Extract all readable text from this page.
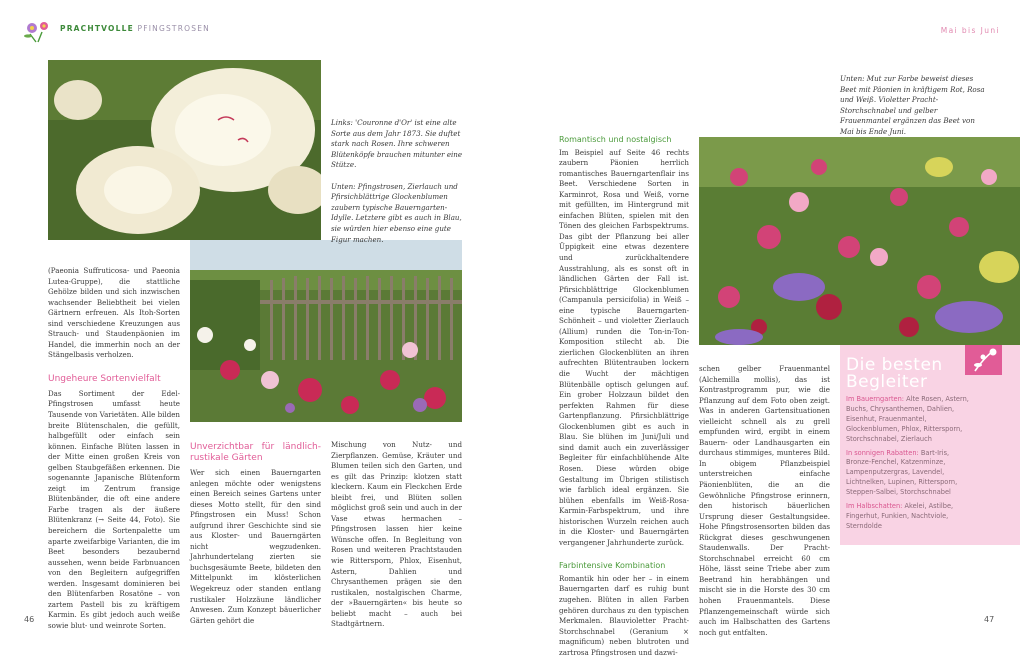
PRACHTVOLLE PFINGSTROSEN	Mai bis Juni

Links: 'Couronne d'Or' ist eine alte Sorte aus dem Jahr 1873. Sie duftet stark nach Rosen. Ihre schweren Blütenköpfe brauchen mitunter eine Stütze.

Unten: Pfingstrosen, Zierlauch und Pfirsichblättrige Glockenblumen zaubern typische Bauerngarten-Idylle. Letztere gibt es auch in Blau, sie würden hier ebenso eine gute Figur machen.

Unten: Mut zur Farbe beweist dieses Beet mit Päonien in kräftigem Rot, Rosa und Weiß. Violetter Pracht-Storchschnabel und gelber Frauenmantel ergänzen das Beet von Mai bis Ende Juni.

(Paeonia Suffruticosa- und Paeonia Lutea-Gruppe), die stattliche Gehölze bilden und sich inzwischen wachsender Beliebtheit bei vielen Gärtnern erfreuen. Als Itoh-Sorten sind verschiedene Kreuzungen aus Strauch- und Staudenpäonien im Handel, die immerhin noch an der Stängelbasis verholzen.

Ungeheure Sortenvielfalt

Das Sortiment der Edel-Pfingstrosen umfasst heute Tausende von Varietäten. Alle bilden breite Blütenschalen, die gefüllt, halbgefüllt oder einfach sein können. Einfache Blüten lassen in der Mitte einen großen Kreis von gelben Staubgefäßen erkennen. Die sogenannte Japanische Blütenform zeigt im Zentrum fransige Blütenbänder, die oft eine andere Farbe tragen als der äußere Blütenkranz (→ Seite 44, Foto). Sie bereichern die Sortenpalette um aparte zweifarbige Varianten, die im Beet besonders bezaubernd aussehen, wenn beide Farbnuancen von den Begleitern aufgegriffen werden. Insgesamt dominieren bei den Blütenfarben Rosatöne – von zartem Pastell bis zu kräftigem Karmin. Es gibt jedoch auch weiße sowie blut- und weinrote Sorten.

Unverzichtbar für ländlich-rustikale Gärten

Wer sich einen Bauerngarten anlegen möchte oder wenigstens einen Bereich seines Gartens unter dieses Motto stellt, für den sind Pfingstrosen ein Muss! Schon aufgrund ihrer Geschichte sind sie aus Kloster- und Bauerngärten nicht wegzudenken. Jahrhundertelang zierten sie buchsgesäumte Beete, bildeten den Mittelpunkt im klösterlichen Wegekreuz oder standen entlang rustikaler Holzzäune ländlicher Anwesen. Zum Konzept bäuerlicher Gärten gehört die

Mischung von Nutz- und Zierpflanzen. Gemüse, Kräuter und Blumen teilen sich den Garten, und es gilt das Prinzip: klotzen statt kleckern. Kaum ein Fleckchen Erde bleibt frei, und Blüten sollen möglichst groß sein und auch in der Vase etwas hermachen – Pfingstrosen lassen hier keine Wünsche offen. In Begleitung von Rosen und weiteren Prachtstauden wie Rittersporn, Phlox, Eisenhut, Astern, Dahlien und Chrysanthemen prägen sie den rustikalen, nostalgischen Charme, der »Bauerngärten« bis heute so beliebt macht – auch bei Stadtgärtnern.

Romantisch und nostalgisch

Im Beispiel auf Seite 46 rechts zaubern Päonien herrlich romantisches Bauerngartenflair ins Beet. Verschiedene Sorten in Karminrot, Rosa und Weiß, vorne mit gefüllten, im Hintergrund mit einfachen Blüten, spielen mit den Tönen des gleichen Farbspektrums. Das gibt der Pflanzung bei aller Üppigkeit eine etwas dezentere und zurückhaltendere Ausstrahlung, als es sonst oft in ländlichen Gärten der Fall ist. Pfirsichblättrige Glockenblumen (Campanula persicifolia) in Weiß – eine typische Bauerngarten-Schönheit – und violetter Zierlauch (Allium) runden die Ton-in-Ton-Komposition stilecht ab. Die zierlichen Glockenblüten an ihren aufrechten Blütentrauben lockern die Wucht der mächtigen Blütenbälle optisch gelungen auf. Ein grober Holzzaun bildet den perfekten Rahmen für diese Gartenpflanzung. Pfirsichblättrige Glockenblumen gibt es auch in Blau. Sie blühen im Juni/Juli und sind damit auch ein zuverlässiger Begleiter für einfachblühende Alte Rosen. Diese würden obige Gestaltung im Übrigen stilistisch wie farblich ideal ergänzen. Sie blühen ebenfalls im Weiß-Rosa-Karmin-Farbspektrum, und ihre historischen Wurzeln reichen auch in die Kloster- und Bauerngärten vergangener Jahrhunderte zurück.

Farbintensive Kombination

Romantik hin oder her – in einem Bauerngarten darf es ruhig bunt zugehen. Blüten in allen Farben gehören durchaus zu den typischen Merkmalen. Blauvioletter Pracht-Storchschnabel (Geranium × magnificum) neben blutroten und zartrosa Pfingstrosen und dazwi-

schen gelber Frauenmantel (Alchemilla mollis), das ist Kontrastprogramm pur, wie die Pflanzung auf dem Foto oben zeigt. Was in anderen Gartensituationen vielleicht schnell als zu grell empfunden wird, ergibt in einem Bauern- oder Landhausgarten ein durchaus stimmiges, munteres Bild. In obigem Pflanzbeispiel unterstreichen einfache Päonienblüten, die an die Gewöhnliche Pfingstrose erinnern, den historisch bäuerlichen Ursprung dieser Gestaltungsidee. Hohe Pfingstrosensorten bilden das Rückgrat dieses geschwungenen Staudenwalls. Der Pracht-Storchschnabel erreicht 60 cm Höhe, lässt seine Triebe aber zum Beetrand hin herabhängen und mischt sie in die Horste des 30 cm hohen Frauenmantels. Diese Pflanzengemeinschaft würde sich auch im Halbschatten des Gartens noch gut entfalten.

Die besten
Begleiter

Im Bauerngarten: Alte Rosen, Astern, Buchs, Chrysanthemen, Dahlien, Eisenhut, Frauenmantel, Glockenblumen, Phlox, Rittersporn, Storchschnabel, Zierlauch

In sonnigen Rabatten: Bart-Iris, Bronze-Fenchel, Katzenminze, Lampenputzergras, Lavendel, Lichtnelken, Lupinen, Rittersporn, Steppen-Salbei, Storchschnabel

Im Halbschatten: Akelei, Astilbe, Fingerhut, Funkien, Nachtviole, Sterndolde

46	47
